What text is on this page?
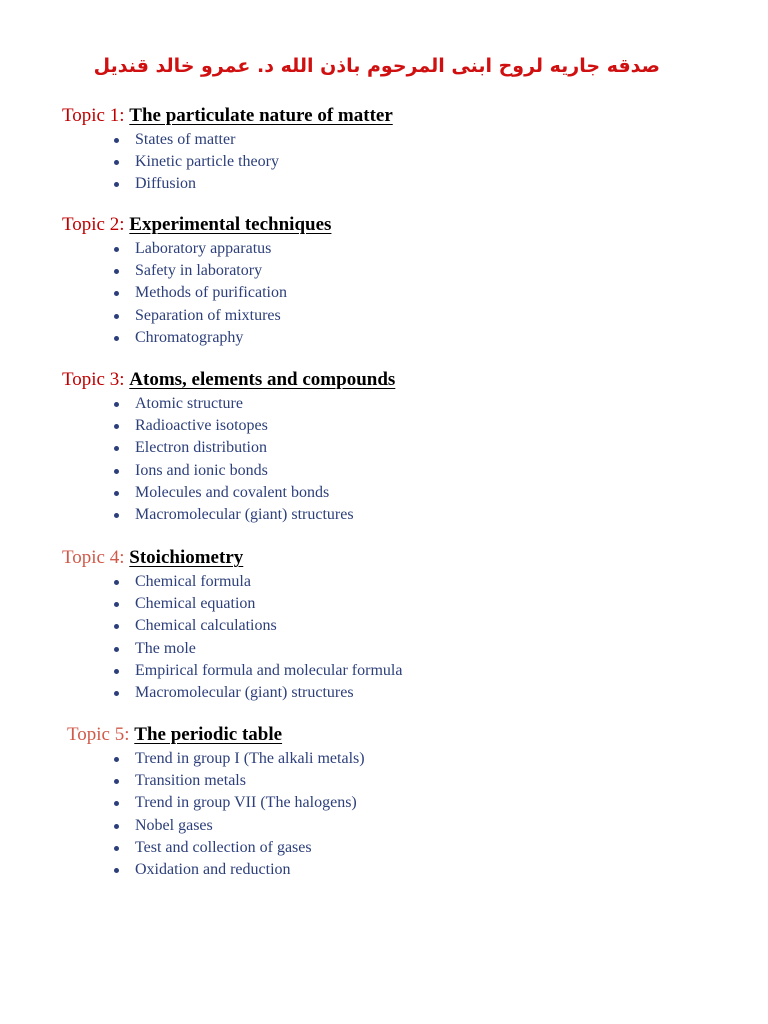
صدقه جاريه لروح ابنى المرحوم باذن الله د. عمرو خالد قنديل
Topic 1: The particulate nature of matter
States of matter
Kinetic particle theory
Diffusion
Topic 2: Experimental techniques
Laboratory apparatus
Safety in laboratory
Methods of purification
Separation of mixtures
Chromatography
Topic 3: Atoms, elements and compounds
Atomic structure
Radioactive isotopes
Electron distribution
Ions and ionic bonds
Molecules and covalent bonds
Macromolecular (giant) structures
Topic 4: Stoichiometry
Chemical formula
Chemical equation
Chemical calculations
The mole
Empirical formula and molecular formula
Macromolecular (giant) structures
Topic 5: The periodic table
Trend in group I (The alkali metals)
Transition metals
Trend in group VII (The halogens)
Nobel gases
Test and collection of gases
Oxidation and reduction
